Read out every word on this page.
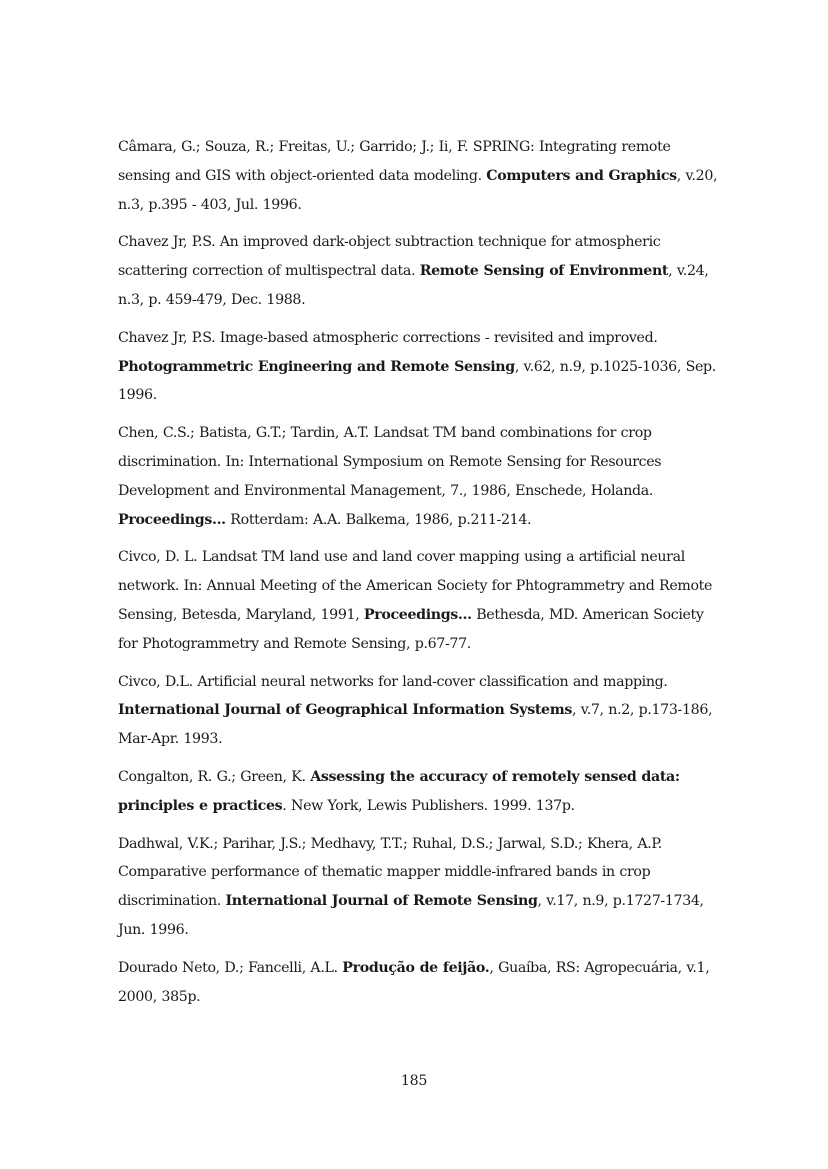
Câmara, G.; Souza, R.; Freitas, U.; Garrido; J.; Ii, F. SPRING: Integrating remote sensing and GIS with object-oriented data modeling. Computers and Graphics, v.20, n.3, p.395 - 403, Jul. 1996.

Chavez Jr, P.S. An improved dark-object subtraction technique for atmospheric scattering correction of multispectral data. Remote Sensing of Environment, v.24, n.3, p. 459-479, Dec. 1988.

Chavez Jr, P.S. Image-based atmospheric corrections - revisited and improved. Photogrammetric Engineering and Remote Sensing, v.62, n.9, p.1025-1036, Sep. 1996.

Chen, C.S.; Batista, G.T.; Tardin, A.T. Landsat TM band combinations for crop discrimination. In: International Symposium on Remote Sensing for Resources Development and Environmental Management, 7., 1986, Enschede, Holanda. Proceedings... Rotterdam: A.A. Balkema, 1986, p.211-214.

Civco, D. L. Landsat TM land use and land cover mapping using a artificial neural network. In: Annual Meeting of the American Society for Phtogrammetry and Remote Sensing, Betesda, Maryland, 1991, Proceedings... Bethesda, MD. American Society for Photogrammetry and Remote Sensing, p.67-77.

Civco, D.L. Artificial neural networks for land-cover classification and mapping. International Journal of Geographical Information Systems, v.7, n.2, p.173-186, Mar-Apr. 1993.

Congalton, R. G.; Green, K. Assessing the accuracy of remotely sensed data: principles e practices. New York, Lewis Publishers. 1999. 137p.

Dadhwal, V.K.; Parihar, J.S.; Medhavy, T.T.; Ruhal, D.S.; Jarwal, S.D.; Khera, A.P. Comparative performance of thematic mapper middle-infrared bands in crop discrimination. International Journal of Remote Sensing, v.17, n.9, p.1727-1734, Jun. 1996.

Dourado Neto, D.; Fancelli, A.L. Produção de feijão., Guaíba, RS: Agropecuária, v.1, 2000, 385p.

185
